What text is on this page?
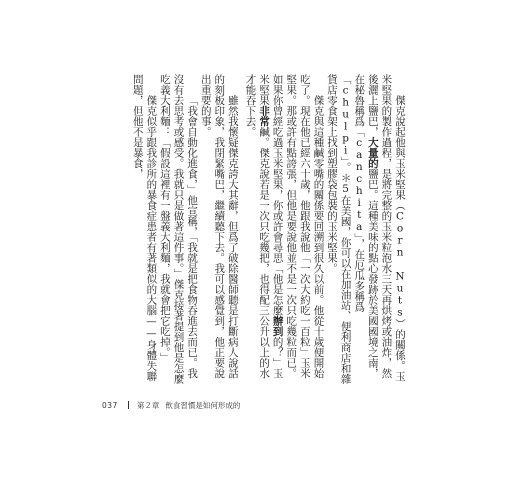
傑克說起他與玉米堅果（Corn Nuts）的關係。玉米堅果的製作過程，是將完整的玉米粒泡水三天再烘烤或油炸，然後灑上鹽巴，大量的鹽巴。這種美味的點心發跡於美國國境之南，在秘魯稱爲「canchita」，在厄瓜多稱爲「chulpi」。＊5在美國，你可以在加油站、便利商店和雜貨店零食架上找到塑膠袋包裝的玉米堅果。

傑克與這種鹹零嘴的關係要回溯到很久以前。他從十歲便開始吃了。現在他已經六十歲，他跟我說他「一次大約吃一百粒」玉米堅果。那或許有點誇張，但他是要說他並不是一次只吃幾粒而已。如果你曾經吃過玉米堅果，你或許會尋思「他是怎麼辦到的？」玉米堅果非常鹹。傑克說若是一次只吃幾把，也得配三公升以上的水才能吞下去。

雖然我懷疑傑克誇大其辭，但爲了破除醫師聽是打斷病人說話的刻板印象，我閉緊嘴巴，繼續聽下去。我可以感覺到，他正要說出重要的事。

「我會自動化進食，」他宣稱，「我就是把食物吞進去而已。我沒有去思考或感受。我就只是做著這件事。」傑克接著提到他是怎麼吃義大利麵：「假設這裡有一盤義大利麵，我就會把它吃掉。」

傑克似乎跟我診所的暴食症患者有著類似的大腦——身體失聯問題，但他不是暴食，

037	第２章 飲食習慣是如何形成的
